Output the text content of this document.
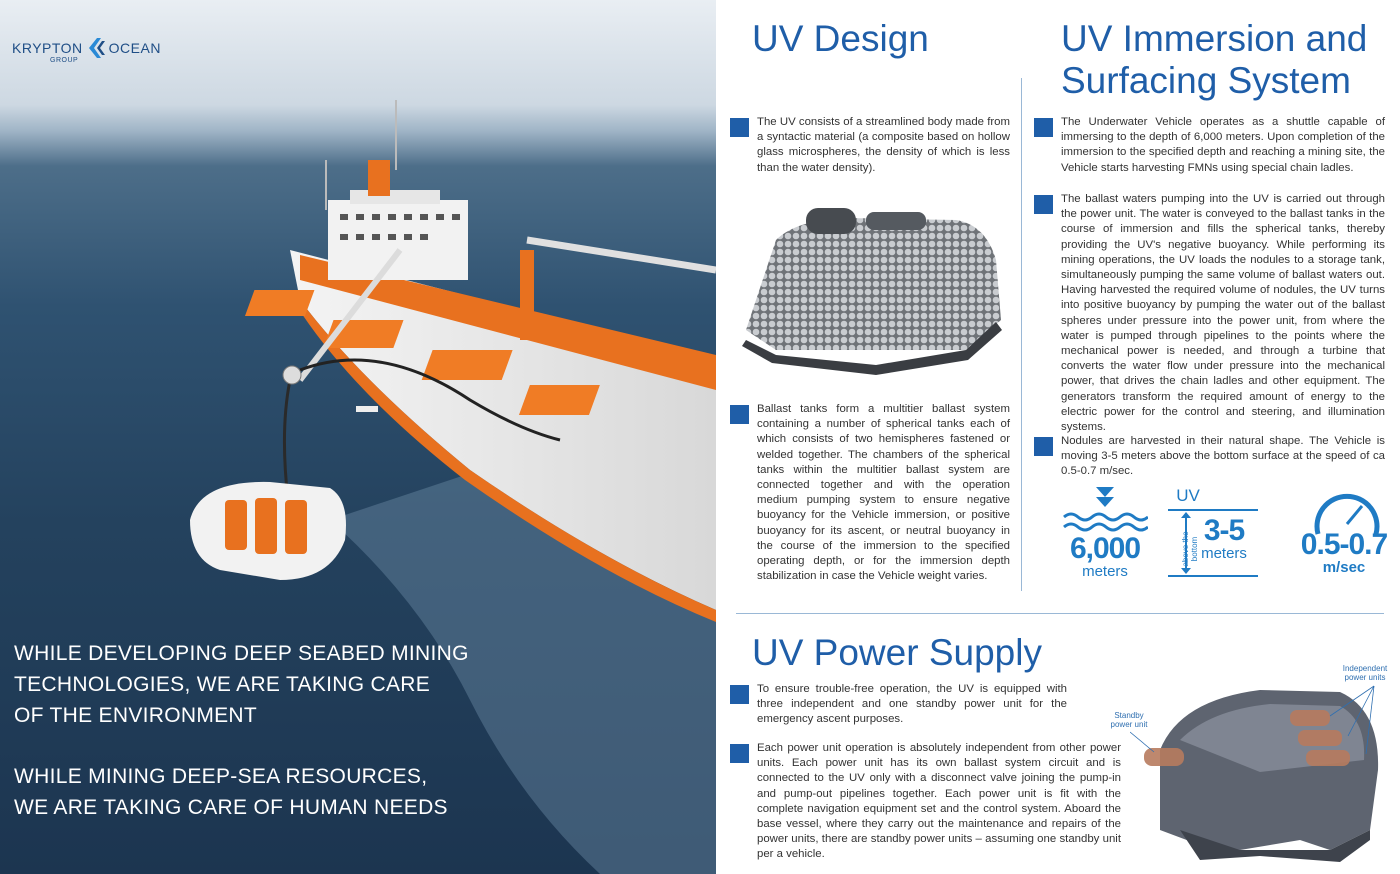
KRYPTON OCEAN
GROUP
WHILE DEVELOPING DEEP SEABED MINING
TECHNOLOGIES, WE ARE TAKING CARE
OF THE ENVIRONMENT
WHILE MINING DEEP-SEA RESOURCES,
WE ARE TAKING CARE OF HUMAN NEEDS
UV Design

The UV consists of a streamlined body made from a syntactic material (a composite based on hollow glass microspheres, the density of which is less than the water density).

Ballast tanks form a multitier ballast system containing a number of spherical tanks each of which consists of two hemispheres fastened or welded together. The chambers of the spherical tanks within the multitier ballast system are connected together and with the operation medium pumping system to ensure negative buoyancy for the Vehicle immersion, or positive buoyancy for its ascent, or neutral buoyancy in the course of the immersion to the specified operating depth, or for the immersion depth stabilization in case the Vehicle weight varies.

UV Immersion and
Surfacing System

The Underwater Vehicle operates as a shuttle capable of immersing to the depth of 6,000 meters. Upon completion of the immersion to the specified depth and reaching a mining site, the Vehicle starts harvesting FMNs using special chain ladles.

The ballast waters pumping into the UV is carried out through the power unit. The water is conveyed to the ballast tanks in the course of immersion and fills the spherical tanks, thereby providing the UV's negative buoyancy. While performing its mining operations, the UV loads the nodules to a storage tank, simultaneously pumping the same volume of ballast waters out. Having harvested the required volume of nodules, the UV turns into positive buoyancy by pumping the water out of the ballast spheres under pressure into the power unit, from where the water is pumped through pipelines to the points where the mechanical power is needed, and through a turbine that converts the water flow under pressure into the mechanical power, that drives the chain ladles and other equipment. The generators transform the required amount of energy to the electric power for the control and steering, and illumination systems.

Nodules are harvested in their natural shape. The Vehicle is moving 3-5 meters above the bottom surface at the speed of ca 0.5-0.7 m/sec.

6,000
meters
UV
above the bottom
3-5
meters	0.5-0.7
m/sec
UV Power Supply

To ensure trouble-free operation, the UV is equipped with three independent and one standby power unit for the emergency ascent purposes.

Each power unit operation is absolutely independent from other power units. Each power unit has its own ballast system circuit and is connected to the UV only with a disconnect valve joining the pump-in and pump-out pipelines together. Each power unit is fit with the complete navigation equipment set and the control system. Aboard the base vessel, where they carry out the maintenance and repairs of the power units, there are standby power units – assuming one standby unit per a vehicle.

Independent
power units
Standby
power unit
